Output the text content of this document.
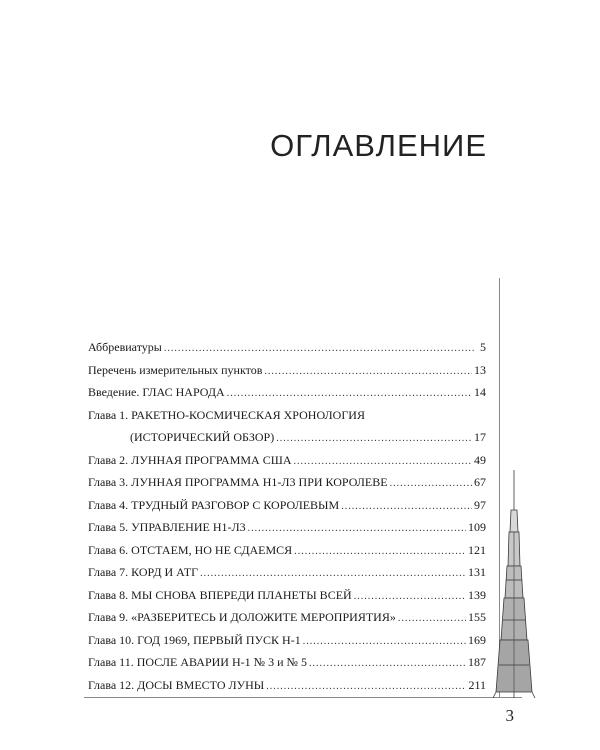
ОГЛАВЛЕНИЕ
Аббревиатуры .....	5
Перечень измерительных пунктов .....	13
Введение. ГЛАС НАРОДА .....	14
Глава 1. РАКЕТНО-КОСМИЧЕСКАЯ ХРОНОЛОГИЯ
(ИСТОРИЧЕСКИЙ ОБЗОР) .....	17
Глава 2. ЛУННАЯ ПРОГРАММА США .....	49
Глава 3. ЛУННАЯ ПРОГРАММА Н1-Л3 ПРИ КОРОЛЕВЕ .....	67
Глава 4. ТРУДНЫЙ РАЗГОВОР С КОРОЛЕВЫМ .....	97
Глава 5. УПРАВЛЕНИЕ Н1-Л3 .....	109
Глава 6. ОТСТАЕМ, НО НЕ СДАЕМСЯ .....	121
Глава 7. КОРД И АТГ .....	131
Глава 8. МЫ СНОВА ВПЕРЕДИ ПЛАНЕТЫ ВСЕЙ .....	139
Глава 9. «РАЗБЕРИТЕСЬ И ДОЛОЖИТЕ МЕРОПРИЯТИЯ» .....	155
Глава 10. ГОД 1969, ПЕРВЫЙ ПУСК Н-1 .....	169
Глава 11. ПОСЛЕ АВАРИИ Н-1 № 3 и № 5 .....	187
Глава 12. ДОСЫ ВМЕСТО ЛУНЫ .....	211
3
